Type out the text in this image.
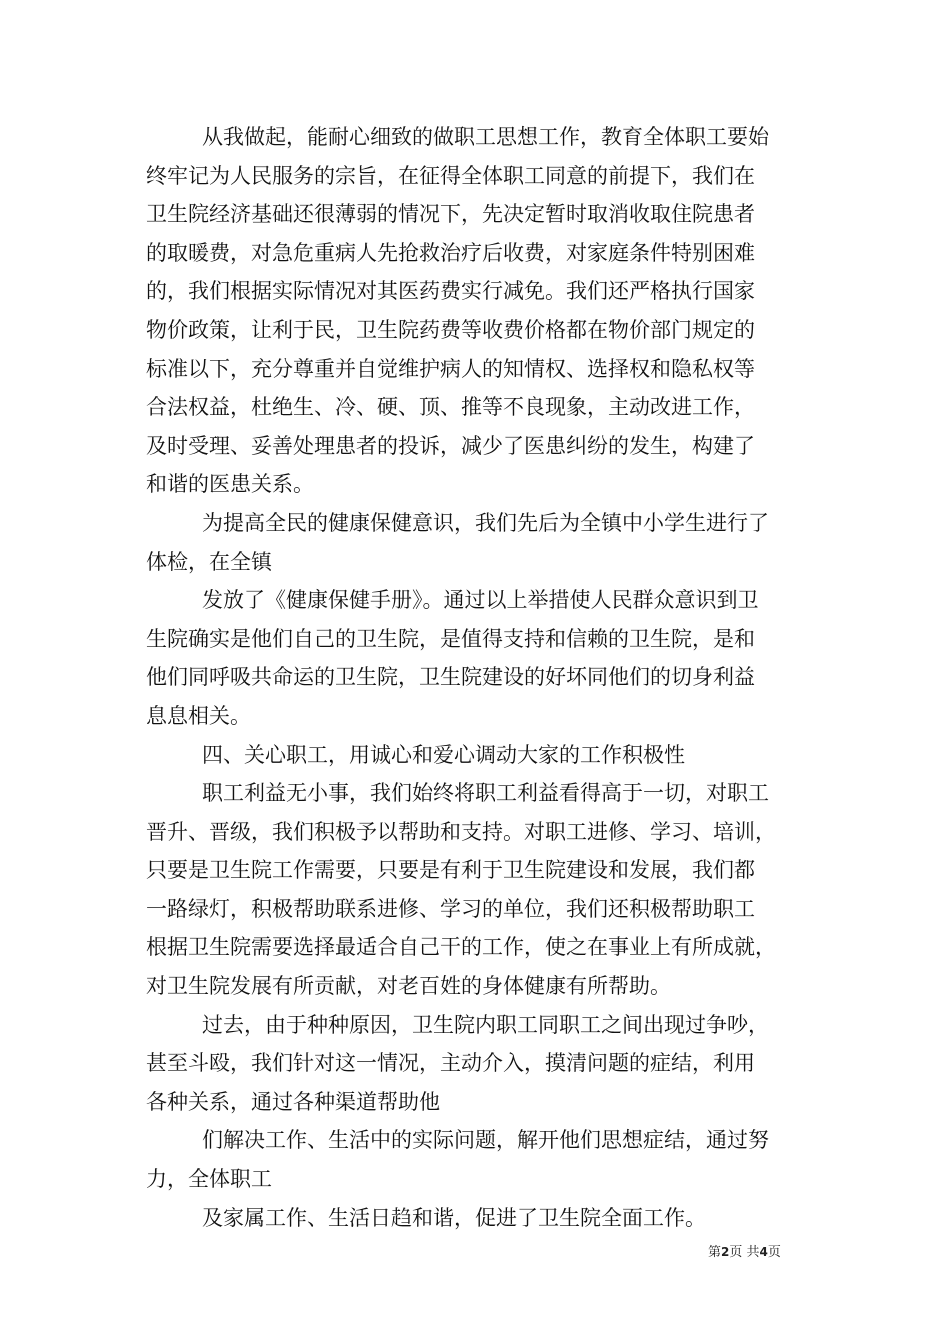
从我做起，能耐心细致的做职工思想工作，教育全体职工要始
终牢记为人民服务的宗旨，在征得全体职工同意的前提下，我们在
卫生院经济基础还很薄弱的情况下，先决定暂时取消收取住院患者
的取暖费，对急危重病人先抢救治疗后收费，对家庭条件特别困难
的，我们根据实际情况对其医药费实行减免。我们还严格执行国家
物价政策，让利于民，卫生院药费等收费价格都在物价部门规定的
标准以下，充分尊重并自觉维护病人的知情权、选择权和隐私权等
合法权益，杜绝生、冷、硬、顶、推等不良现象，主动改进工作，
及时受理、妥善处理患者的投诉，减少了医患纠纷的发生，构建了
和谐的医患关系。
为提高全民的健康保健意识，我们先后为全镇中小学生进行了
体检，在全镇
发放了《健康保健手册》。通过以上举措使人民群众意识到卫
生院确实是他们自己的卫生院，是值得支持和信赖的卫生院，是和
他们同呼吸共命运的卫生院，卫生院建设的好坏同他们的切身利益
息息相关。
四、关心职工，用诚心和爱心调动大家的工作积极性
职工利益无小事，我们始终将职工利益看得高于一切，对职工
晋升、晋级，我们积极予以帮助和支持。对职工进修、学习、培训，
只要是卫生院工作需要，只要是有利于卫生院建设和发展，我们都
一路绿灯，积极帮助联系进修、学习的单位，我们还积极帮助职工
根据卫生院需要选择最适合自己干的工作，使之在事业上有所成就，
对卫生院发展有所贡献，对老百姓的身体健康有所帮助。
过去，由于种种原因，卫生院内职工同职工之间出现过争吵，
甚至斗殴，我们针对这一情况，主动介入，摸清问题的症结，利用
各种关系，通过各种渠道帮助他
们解决工作、生活中的实际问题，解开他们思想症结，通过努
力，全体职工
及家属工作、生活日趋和谐，促进了卫生院全面工作。
第2页 共4页
